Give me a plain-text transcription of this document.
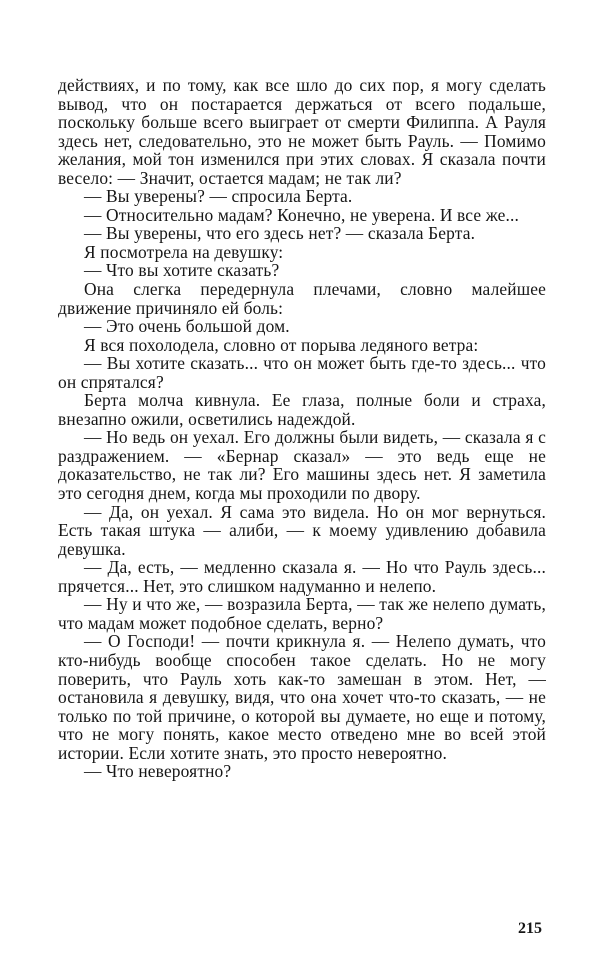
действиях, и по тому, как все шло до сих пор, я могу сделать вывод, что он постарается держаться от всего подальше, поскольку больше всего выиграет от смерти Филиппа. А Рауля здесь нет, следовательно, это не может быть Рауль. — Помимо желания, мой тон изменился при этих словах. Я сказала почти весело: — Значит, остается мадам; не так ли?

— Вы уверены? — спросила Берта.

— Относительно мадам? Конечно, не уверена. И все же...

— Вы уверены, что его здесь нет? — сказала Берта.

Я посмотрела на девушку:

— Что вы хотите сказать?

Она слегка передернула плечами, словно малейшее движение причиняло ей боль:

— Это очень большой дом.

Я вся похолодела, словно от порыва ледяного ветра:

— Вы хотите сказать... что он может быть где-то здесь... что он спрятался?

Берта молча кивнула. Ее глаза, полные боли и страха, внезапно ожили, осветились надеждой.

— Но ведь он уехал. Его должны были видеть, — сказала я с раздражением. — «Бернар сказал» — это ведь еще не доказательство, не так ли? Его машины здесь нет. Я заметила это сегодня днем, когда мы проходили по двору.

— Да, он уехал. Я сама это видела. Но он мог вернуться. Есть такая штука — алиби, — к моему удивлению добавила девушка.

— Да, есть, — медленно сказала я. — Но что Рауль здесь... прячется... Нет, это слишком надуманно и нелепо.

— Ну и что же, — возразила Берта, — так же нелепо думать, что мадам может подобное сделать, верно?

— О Господи! — почти крикнула я. — Нелепо думать, что кто-нибудь вообще способен такое сделать. Но не могу поверить, что Рауль хоть как-то замешан в этом. Нет, — остановила я девушку, видя, что она хочет что-то сказать, — не только по той причине, о которой вы думаете, но еще и потому, что не могу понять, какое место отведено мне во всей этой истории. Если хотите знать, это просто невероятно.

— Что невероятно?

215
